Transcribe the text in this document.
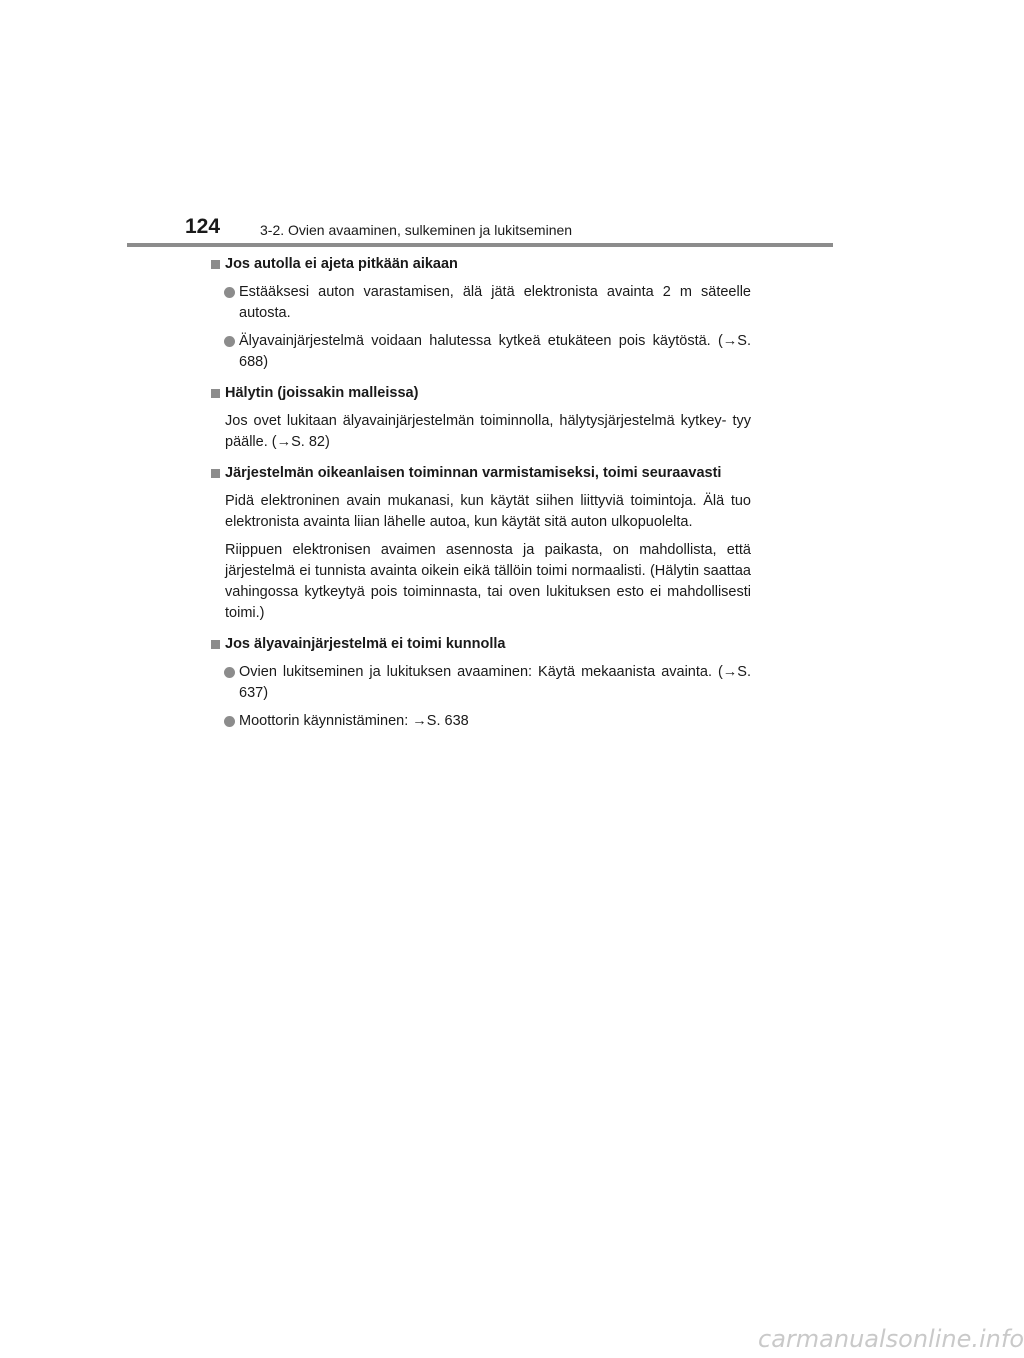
124	3-2. Ovien avaaminen, sulkeminen ja lukitseminen
Jos autolla ei ajeta pitkään aikaan
Estääksesi auton varastamisen, älä jätä elektronista avainta 2 m säteelle autosta.
Älyavainjärjestelmä voidaan halutessa kytkeä etukäteen pois käytöstä. (→S. 688)
Hälytin (joissakin malleissa)
Jos ovet lukitaan älyavainjärjestelmän toiminnolla, hälytysjärjestelmä kytkey- tyy päälle. (→S. 82)
Järjestelmän oikeanlaisen toiminnan varmistamiseksi, toimi seuraavasti
Pidä elektroninen avain mukanasi, kun käytät siihen liittyviä toimintoja. Älä tuo elektronista avainta liian lähelle autoa, kun käytät sitä auton ulkopuolelta.
Riippuen elektronisen avaimen asennosta ja paikasta, on mahdollista, että järjestelmä ei tunnista avainta oikein eikä tällöin toimi normaalisti. (Hälytin saattaa vahingossa kytkeytyä pois toiminnasta, tai oven lukituksen esto ei mahdollisesti toimi.)
Jos älyavainjärjestelmä ei toimi kunnolla
Ovien lukitseminen ja lukituksen avaaminen: Käytä mekaanista avainta. (→S. 637)
Moottorin käynnistäminen: →S. 638
carmanualsonline.info
